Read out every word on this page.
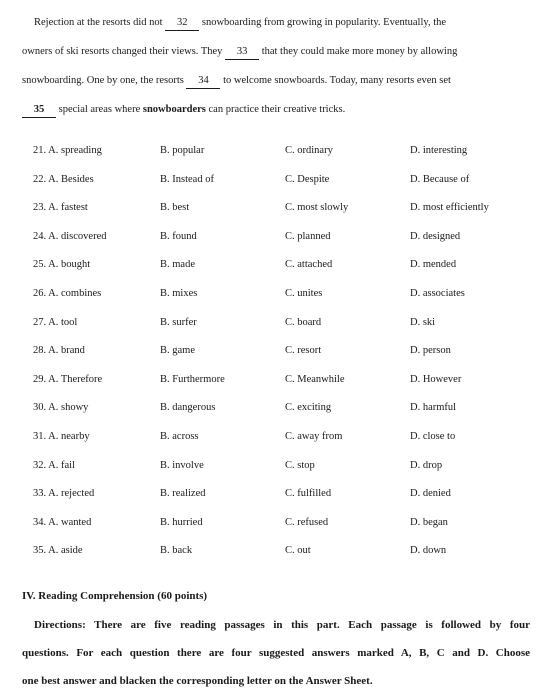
Rejection at the resorts did not 32 snowboarding from growing in popularity. Eventually, the
owners of ski resorts changed their views. They 33 that they could make more money by allowing
snowboarding. One by one, the resorts 34 to welcome snowboards. Today, many resorts even set
35 special areas where snowboarders can practice their creative tricks.
21. A. spreading	B. popular	C. ordinary	D. interesting
22. A. Besides	B. Instead of	C. Despite	D. Because of
23. A. fastest	B. best	C. most slowly	D. most efficiently
24. A. discovered	B. found	C. planned	D. designed
25. A. bought	B. made	C. attached	D. mended
26. A. combines	B. mixes	C. unites	D. associates
27. A. tool	B. surfer	C. board	D. ski
28. A. brand	B. game	C. resort	D. person
29. A. Therefore	B. Furthermore	C. Meanwhile	D. However
30. A. showy	B. dangerous	C. exciting	D. harmful
31. A. nearby	B. across	C. away from	D. close to
32. A. fail	B. involve	C. stop	D. drop
33. A. rejected	B. realized	C. fulfilled	D. denied
34. A. wanted	B. hurried	C. refused	D. began
35. A. aside	B. back	C. out	D. down
IV. Reading Comprehension (60 points)
Directions: There are five reading passages in this part. Each passage is followed by four
questions. For each question there are four suggested answers marked A, B, C and D. Choose
one best answer and blacken the corresponding letter on the Answer Sheet.
